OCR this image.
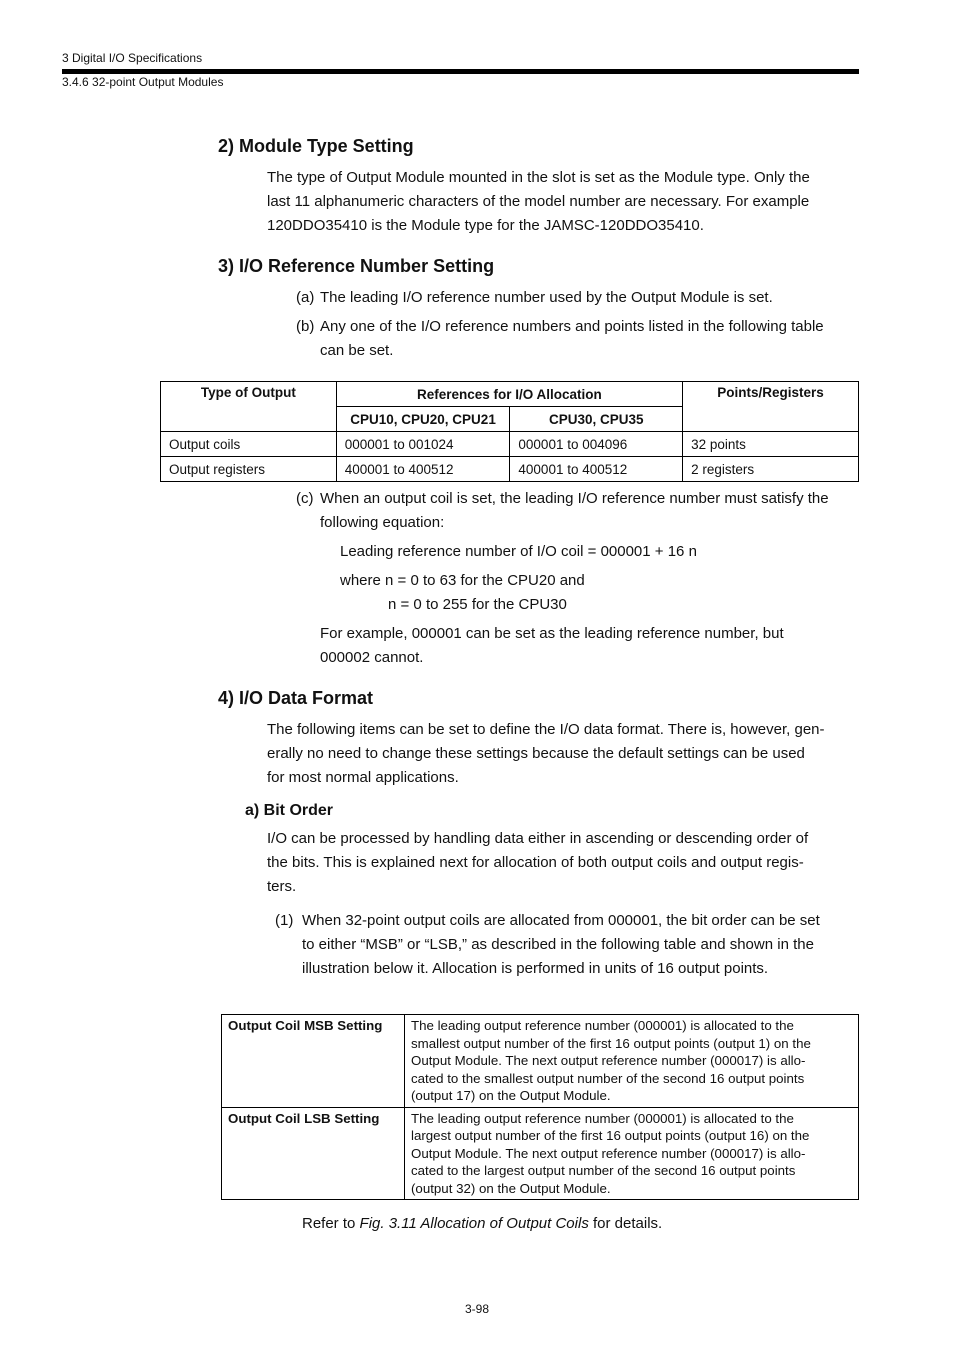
3 Digital I/O Specifications
3.4.6 32-point Output Modules
2) Module Type Setting
The type of Output Module mounted in the slot is set as the Module type. Only the
last 11 alphanumeric characters of the model number are necessary. For example
120DDO35410 is the Module type for the JAMSC-120DDO35410.
3) I/O Reference Number Setting
(a) The leading I/O reference number used by the Output Module is set.
(b) Any one of the I/O reference numbers and points listed in the following table
can be set.
Type of Output	References for I/O Allocation		Points/Registers
	CPU10, CPU20, CPU21	CPU30, CPU35	
Output coils	000001 to 001024	000001 to 004096	32 points
Output registers	400001 to 400512	400001 to 400512	2 registers
(c) When an output coil is set, the leading I/O reference number must satisfy the
following equation:
Leading reference number of I/O coil = 000001 + 16 n
where n = 0 to 63 for the CPU20 and
n = 0 to 255 for the CPU30
For example, 000001 can be set as the leading reference number, but
000002 cannot.
4) I/O Data Format
The following items can be set to define the I/O data format. There is, however, gen-
erally no need to change these settings because the default settings can be used
for most normal applications.
a) Bit Order
I/O can be processed by handling data either in ascending or descending order of
the bits. This is explained next for allocation of both output coils and output regis-
ters.
(1) When 32-point output coils are allocated from 000001, the bit order can be set
to either “MSB” or “LSB,” as described in the following table and shown in the
illustration below it. Allocation is performed in units of 16 output points.
Output Coil MSB Setting	The leading output reference number (000001) is allocated to the
smallest output number of the first 16 output points (output 1) on the
Output Module. The next output reference number (000017) is allo-
cated to the smallest output number of the second 16 output points
(output 17) on the Output Module.

Output Coil LSB Setting	The leading output reference number (000001) is allocated to the
largest output number of the first 16 output points (output 16) on the
Output Module. The next output reference number (000017) is allo-
cated to the largest output number of the second 16 output points
(output 32) on the Output Module.
Refer to Fig. 3.11 Allocation of Output Coils for details.
3-98
